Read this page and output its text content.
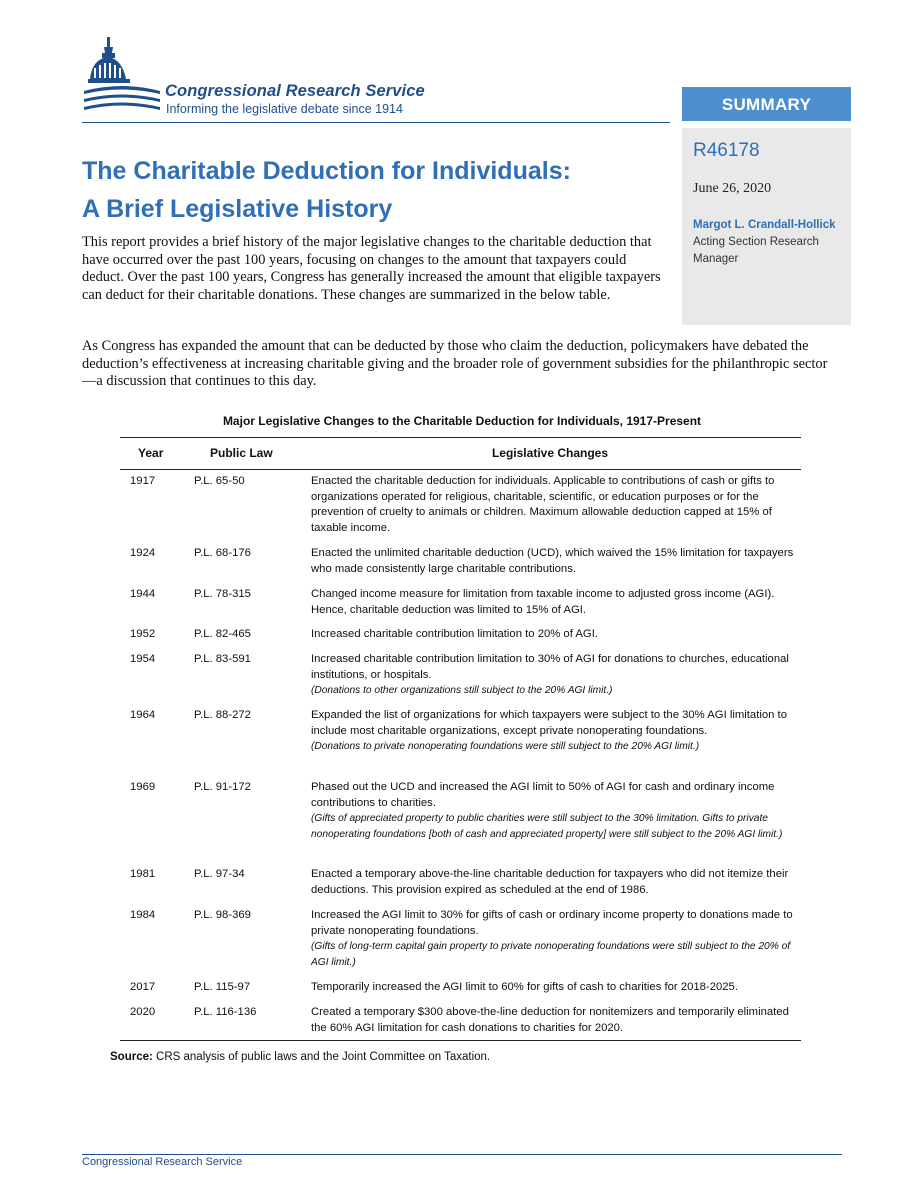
Congressional Research Service
Informing the legislative debate since 1914	SUMMARY
R46178
June 26, 2020
Margot L. Crandall-Hollick
Acting Section Research Manager
The Charitable Deduction for Individuals:
A Brief Legislative History
This report provides a brief history of the major legislative changes to the charitable deduction that have occurred over the past 100 years, focusing on changes to the amount that taxpayers could deduct. Over the past 100 years, Congress has generally increased the amount that eligible taxpayers can deduct for their charitable donations. These changes are summarized in the below table.
As Congress has expanded the amount that can be deducted by those who claim the deduction, policymakers have debated the deduction’s effectiveness at increasing charitable giving and the broader role of government subsidies for the philanthropic sector—a discussion that continues to this day.
Major Legislative Changes to the Charitable Deduction for Individuals, 1917-Present
Year	Public Law	Legislative Changes
1917	P.L. 65-50	Enacted the charitable deduction for individuals. Applicable to contributions of cash or gifts to organizations operated for religious, charitable, scientific, or education purposes or for the prevention of cruelty to animals or children. Maximum allowable deduction capped at 15% of taxable income.
1924	P.L. 68-176	Enacted the unlimited charitable deduction (UCD), which waived the 15% limitation for taxpayers who made consistently large charitable contributions.
1944	P.L. 78-315	Changed income measure for limitation from taxable income to adjusted gross income (AGI). Hence, charitable deduction was limited to 15% of AGI.
1952	P.L. 82-465	Increased charitable contribution limitation to 20% of AGI.
1954	P.L. 83-591	Increased charitable contribution limitation to 30% of AGI for donations to churches, educational institutions, or hospitals.
(Donations to other organizations still subject to the 20% AGI limit.)
1964	P.L. 88-272	Expanded the list of organizations for which taxpayers were subject to the 30% AGI limitation to include most charitable organizations, except private nonoperating foundations.
(Donations to private nonoperating foundations were still subject to the 20% AGI limit.)
1969	P.L. 91-172	Phased out the UCD and increased the AGI limit to 50% of AGI for cash and ordinary income contributions to charities.
(Gifts of appreciated property to public charities were still subject to the 30% limitation. Gifts to private nonoperating foundations [both of cash and appreciated property] were still subject to the 20% AGI limit.)
1981	P.L. 97-34	Enacted a temporary above-the-line charitable deduction for taxpayers who did not itemize their deductions. This provision expired as scheduled at the end of 1986.
1984	P.L. 98-369	Increased the AGI limit to 30% for gifts of cash or ordinary income property to donations made to private nonoperating foundations.
(Gifts of long-term capital gain property to private nonoperating foundations were still subject to the 20% of AGI limit.)
2017	P.L. 115-97	Temporarily increased the AGI limit to 60% for gifts of cash to charities for 2018-2025.
2020	P.L. 116-136	Created a temporary $300 above-the-line deduction for nonitemizers and temporarily eliminated the 60% AGI limitation for cash donations to charities for 2020.
Source: CRS analysis of public laws and the Joint Committee on Taxation.
Congressional Research Service
